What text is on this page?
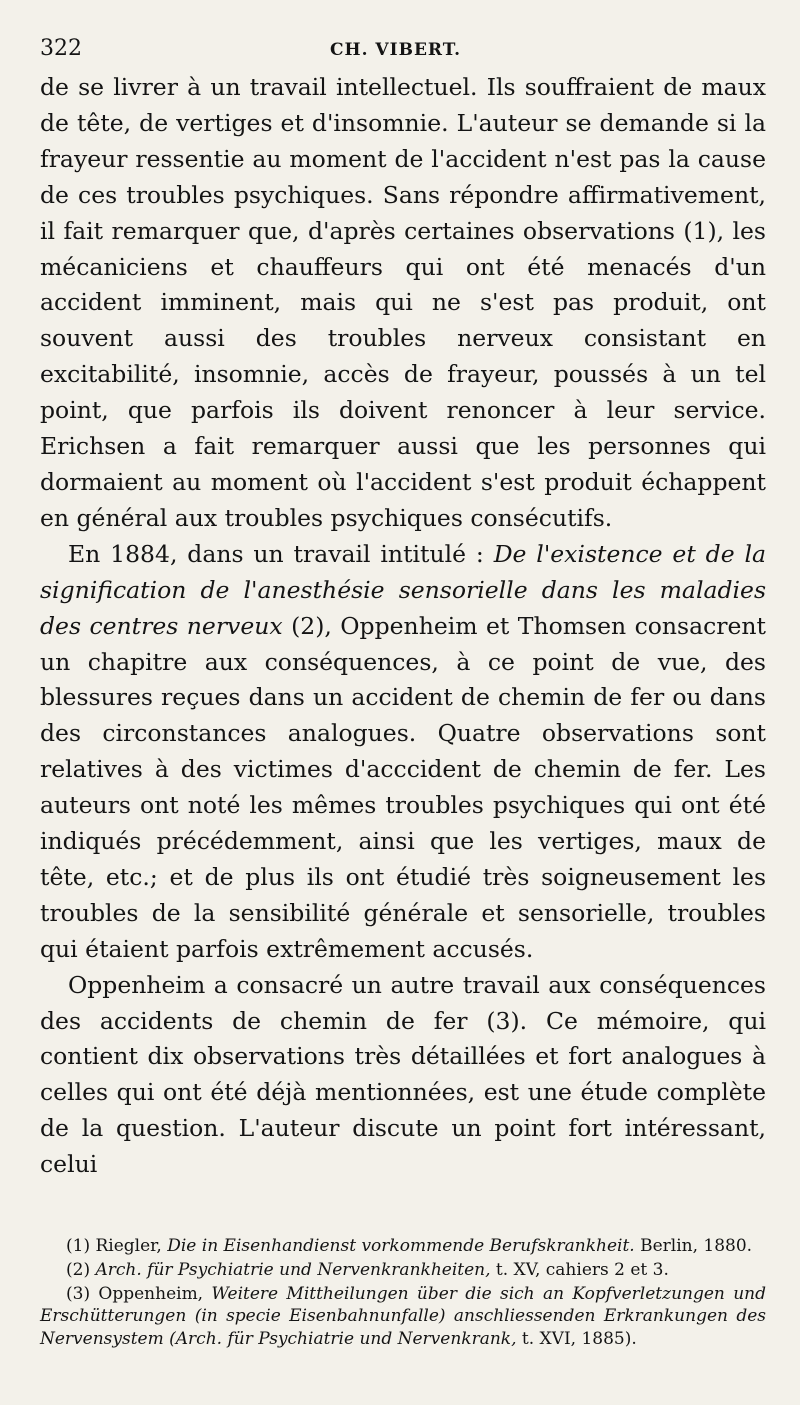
322	CH. VIBERT.

de se livrer à un travail intellectuel. Ils souffraient de maux de tête, de vertiges et d'insomnie. L'auteur se demande si la frayeur ressentie au moment de l'accident n'est pas la cause de ces troubles psychiques. Sans répondre affirmativement, il fait remarquer que, d'après certaines observations (1), les mécaniciens et chauffeurs qui ont été menacés d'un accident imminent, mais qui ne s'est pas produit, ont souvent aussi des troubles nerveux consistant en excitabilité, insomnie, accès de frayeur, poussés à un tel point, que parfois ils doivent renoncer à leur service. Erichsen a fait remarquer aussi que les personnes qui dormaient au moment où l'accident s'est produit échappent en général aux troubles psychiques consécutifs.

En 1884, dans un travail intitulé : De l'existence et de la signification de l'anesthésie sensorielle dans les maladies des centres nerveux (2), Oppenheim et Thomsen consacrent un chapitre aux conséquences, à ce point de vue, des blessures reçues dans un accident de chemin de fer ou dans des circonstances analogues. Quatre observations sont relatives à des victimes d'acccident de chemin de fer. Les auteurs ont noté les mêmes troubles psychiques qui ont été indiqués précédemment, ainsi que les vertiges, maux de tête, etc.; et de plus ils ont étudié très soigneusement les troubles de la sensibilité générale et sensorielle, troubles qui étaient parfois extrêmement accusés.

Oppenheim a consacré un autre travail aux conséquences des accidents de chemin de fer (3). Ce mémoire, qui contient dix observations très détaillées et fort analogues à celles qui ont été déjà mentionnées, est une étude complète de la question. L'auteur discute un point fort intéressant, celui

(1) Riegler, Die in Eisenhandienst vorkommende Berufskrankheit. Berlin, 1880.

(2) Arch. für Psychiatrie und Nervenkrankheiten, t. XV, cahiers 2 et 3.

(3) Oppenheim, Weitere Mittheilungen über die sich an Kopfverletzungen und Erschütterungen (in specie Eisenbahnunfalle) anschliessenden Erkrankungen des Nervensystem (Arch. für Psychiatrie und Nervenkrank, t. XVI, 1885).
